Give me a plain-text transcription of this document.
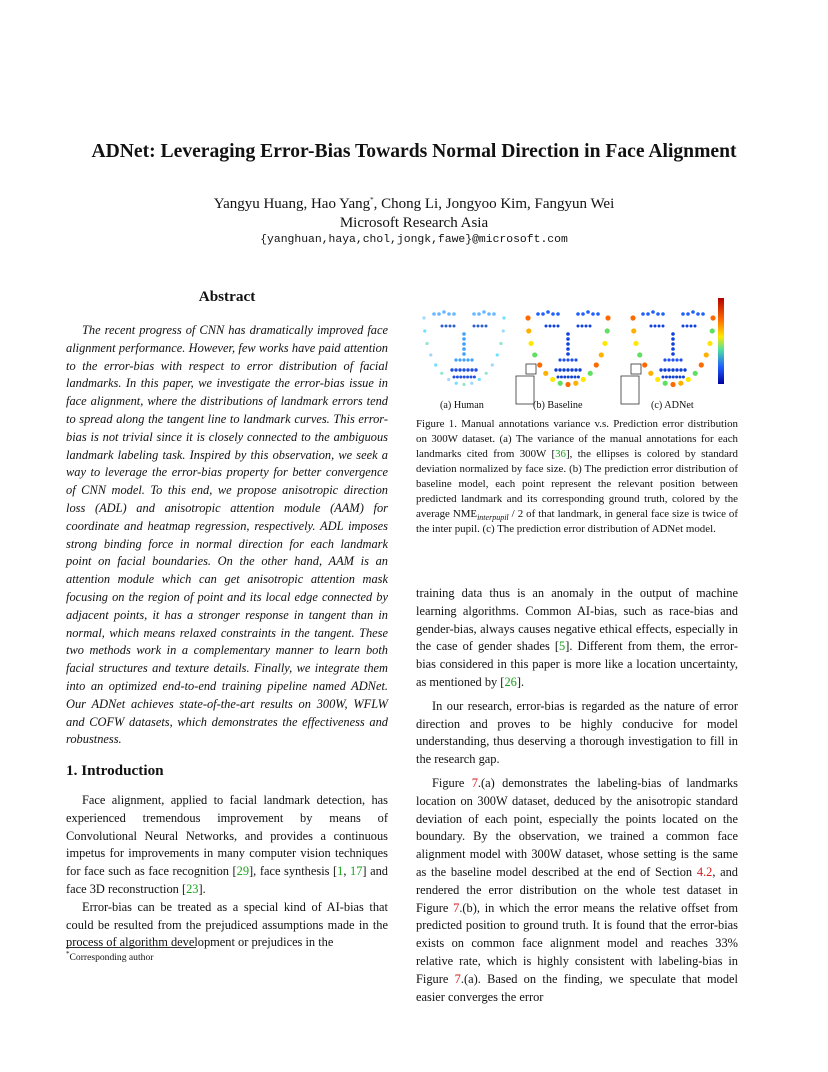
ADNet: Leveraging Error-Bias Towards Normal Direction in Face Alignment
Yangyu Huang, Hao Yang*, Chong Li, Jongyoo Kim, Fangyun Wei
Microsoft Research Asia
{yanghuan,haya,chol,jongk,fawe}@microsoft.com
Abstract

The recent progress of CNN has dramatically improved face alignment performance. However, few works have paid attention to the error-bias with respect to error distribution of facial landmarks. In this paper, we investigate the error-bias issue in face alignment, where the distributions of landmark errors tend to spread along the tangent line to landmark curves. This error-bias is not trivial since it is closely connected to the ambiguous landmark labeling task. Inspired by this observation, we seek a way to leverage the error-bias property for better convergence of CNN model. To this end, we propose anisotropic direction loss (ADL) and anisotropic attention module (AAM) for coordinate and heatmap regression, respectively. ADL imposes strong binding force in normal direction for each landmark point on facial boundaries. On the other hand, AAM is an attention module which can get anisotropic attention mask focusing on the region of point and its local edge connected by adjacent points, it has a stronger response in tangent than in normal, which means relaxed constraints in the tangent. These two methods work in a complementary manner to learn both facial structures and texture details. Finally, we integrate them into an optimized end-to-end training pipeline named ADNet. Our ADNet achieves state-of-the-art results on 300W, WFLW and COFW datasets, which demonstrates the effectiveness and robustness.

1. Introduction

Face alignment, applied to facial landmark detection, has experienced tremendous improvement by means of Convolutional Neural Networks, and provides a continuous impetus for improvements in many computer vision techniques for face such as face recognition [29], face synthesis [1, 17] and face 3D reconstruction [23].

Error-bias can be treated as a special kind of AI-bias that could be resulted from the prejudiced assumptions made in the process of algorithm development or prejudices in the

*Corresponding author
(a) Human	(b) Baseline	(c) ADNet
Figure 1. Manual annotations variance v.s. Prediction error distribution on 300W dataset. (a) The variance of the manual annotations for each landmarks cited from 300W [36], the ellipses is colored by standard deviation normalized by face size. (b) The prediction error distribution of baseline model, each point represent the relevant position between predicted landmark and its corresponding ground truth, colored by the average $NME_{interpupil} / 2$ of that landmark, in general face size is twice of the inter pupil. (c) The prediction error distribution of ADNet model.

training data thus is an anomaly in the output of machine learning algorithms. Common AI-bias, such as race-bias and gender-bias, always causes negative ethical effects, especially in the case of gender shades [5]. Different from them, the error-bias considered in this paper is more like a location uncertainty, as mentioned by [26].

In our research, error-bias is regarded as the nature of error direction and proves to be highly conducive for model understanding, thus deserving a thorough investigation to fill in the research gap.

Figure 7.(a) demonstrates the labeling-bias of landmarks location on 300W dataset, deduced by the anisotropic standard deviation of each point, especially the points located on the boundary. By the observation, we trained a common face alignment model with 300W dataset, whose setting is the same as the baseline model described at the end of Section 4.2, and rendered the error distribution on the whole test dataset in Figure 7.(b), in which the error means the relative offset from predicted position to ground truth. It is found that the error-bias exists on common face alignment model and reaches 33% relative rate, which is highly consistent with labeling-bias in Figure 7.(a). Based on the finding, we speculate that model easier converges the error
